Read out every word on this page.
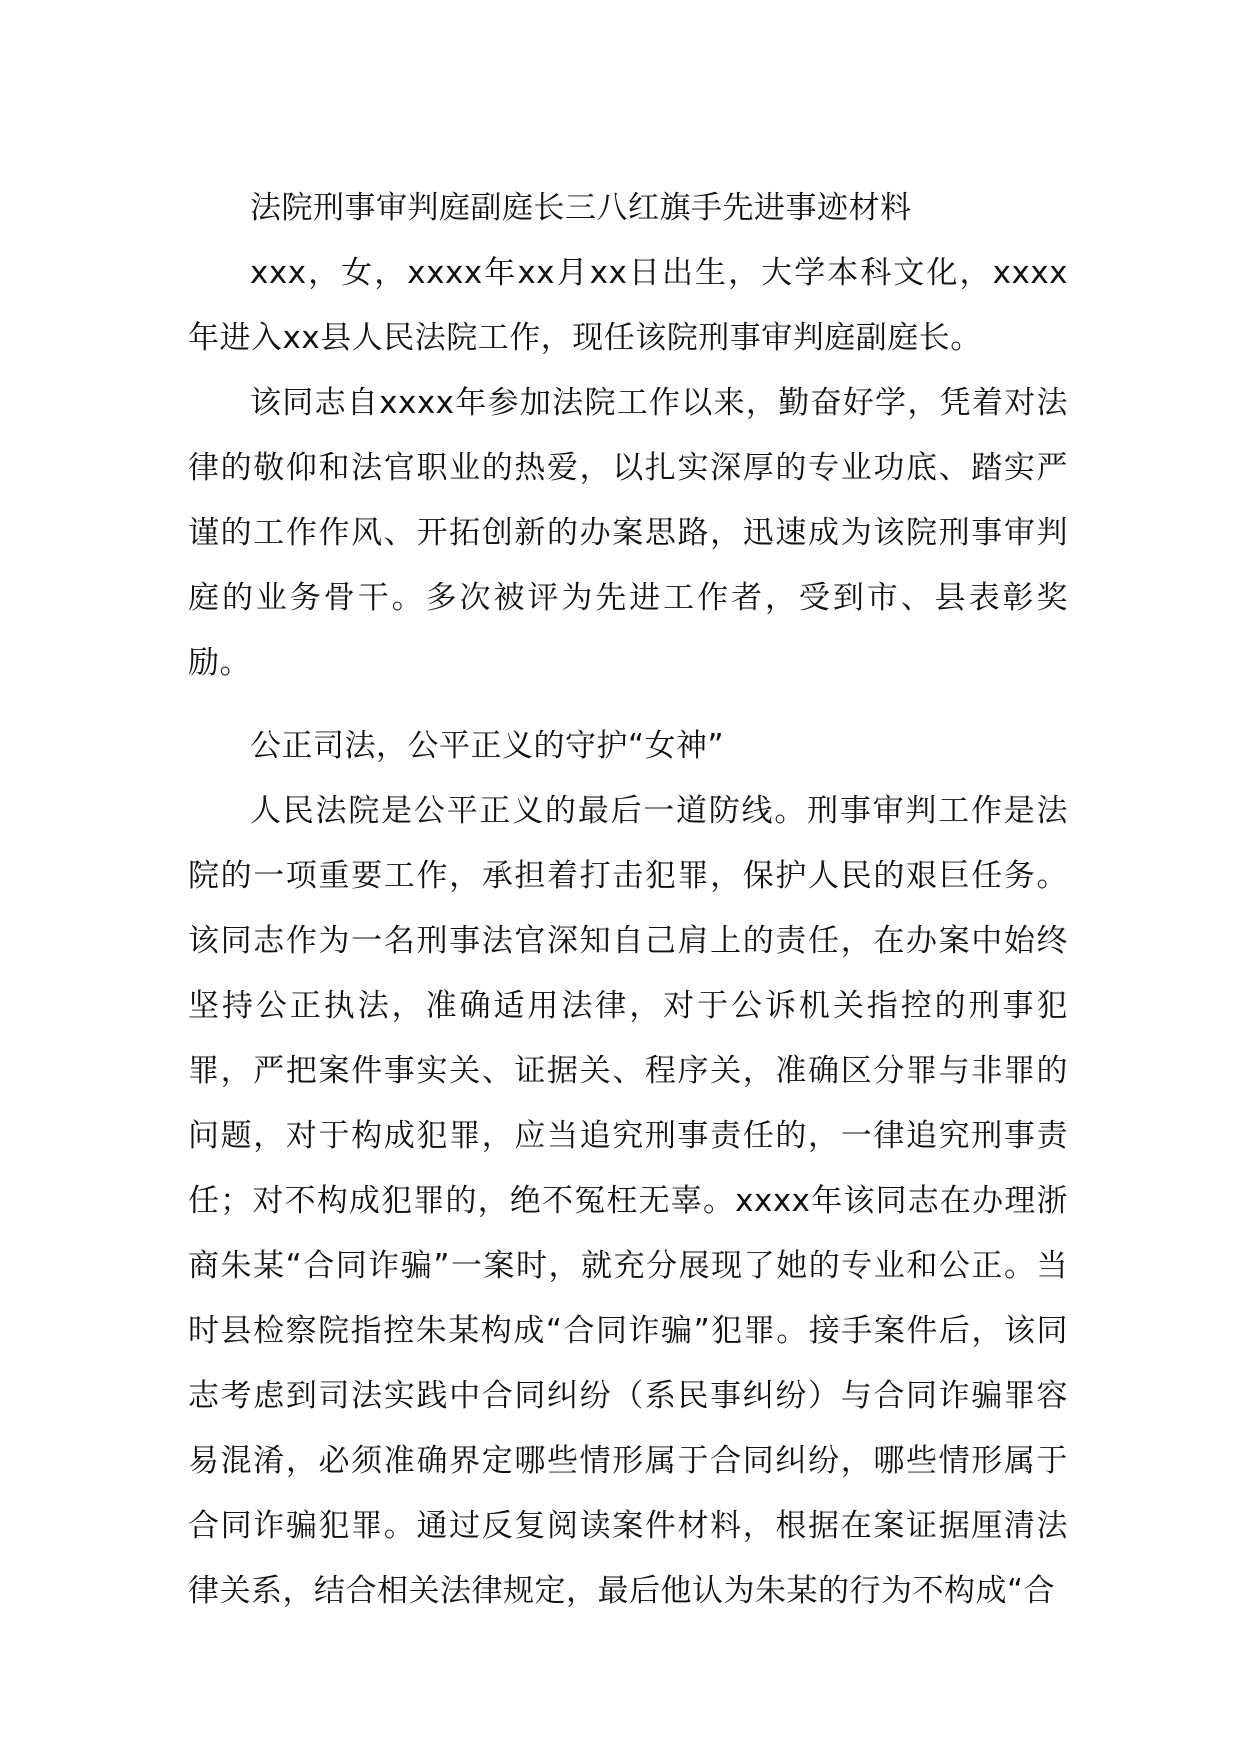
法院刑事审判庭副庭长三八红旗手先进事迹材料

xxx，女，xxxx年xx月xx日出生，大学本科文化，xxxx年进入xx县人民法院工作，现任该院刑事审判庭副庭长。

该同志自xxxx年参加法院工作以来，勤奋好学，凭着对法律的敬仰和法官职业的热爱，以扎实深厚的专业功底、踏实严谨的工作作风、开拓创新的办案思路，迅速成为该院刑事审判庭的业务骨干。多次被评为先进工作者，受到市、县表彰奖励。

公正司法，公平正义的守护“女神”

人民法院是公平正义的最后一道防线。刑事审判工作是法院的一项重要工作，承担着打击犯罪，保护人民的艰巨任务。该同志作为一名刑事法官深知自己肩上的责任，在办案中始终坚持公正执法，准确适用法律，对于公诉机关指控的刑事犯罪，严把案件事实关、证据关、程序关，准确区分罪与非罪的问题，对于构成犯罪，应当追究刑事责任的，一律追究刑事责任；对不构成犯罪的，绝不冤枉无辜。xxxx年该同志在办理浙商朱某“合同诈骗”一案时，就充分展现了她的专业和公正。当时县检察院指控朱某构成“合同诈骗”犯罪。接手案件后，该同志考虑到司法实践中合同纠纷（系民事纠纷）与合同诈骗罪容易混淆，必须准确界定哪些情形属于合同纠纷，哪些情形属于合同诈骗犯罪。通过反复阅读案件材料，根据在案证据厘清法律关系，结合相关法律规定，最后他认为朱某的行为不构成“合
